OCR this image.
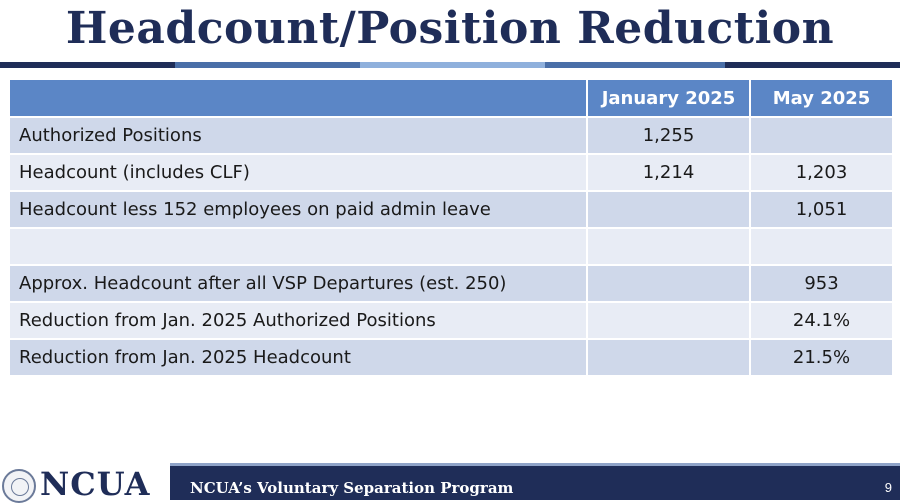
Headcount/Position Reduction
	January 2025	May 2025
Authorized Positions	1,255	
Headcount (includes CLF)	1,214	1,203
Headcount less 152 employees on paid admin leave		1,051

Approx. Headcount after all VSP Departures (est. 250)		953
Reduction from Jan. 2025 Authorized Positions		24.1%
Reduction from Jan. 2025 Headcount		21.5%
NCUA	NCUA’s Voluntary Separation Program	9
